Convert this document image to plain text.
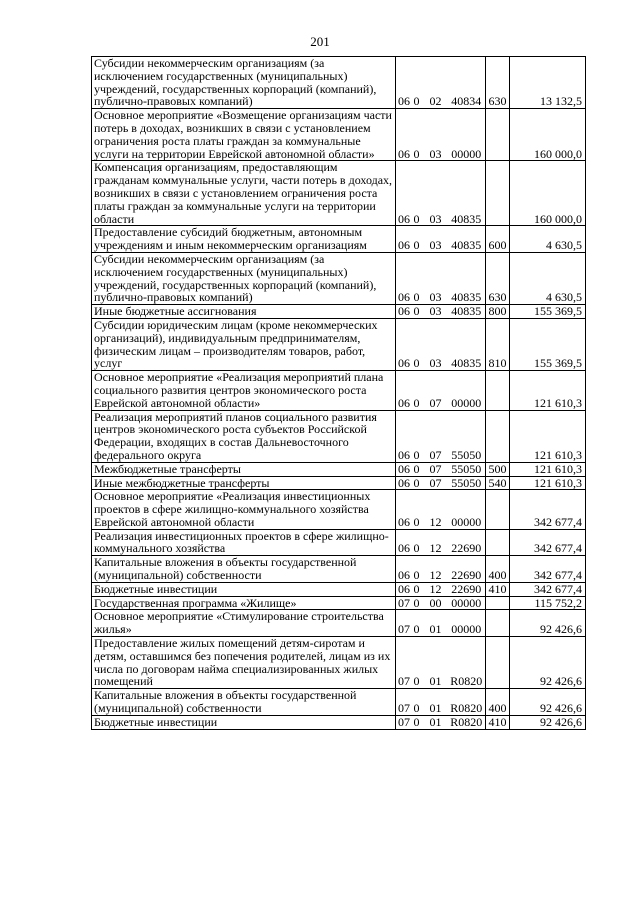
201
Субсидии некоммерческим организациям (за исключением государственных (муниципальных) учреждений, государственных корпораций (компаний), публично-правовых компаний)	06	0	02	40834	630	13 132,5
Основное мероприятие «Возмещение организациям части потерь в доходах, возникших в связи с установлением ограничения роста платы граждан за коммунальные услуги на территории Еврейской автономной области»	06	0	03	00000		160 000,0
Компенсация организациям, предоставляющим гражданам коммунальные услуги, части потерь в доходах, возникших в связи с установлением ограничения роста платы граждан за коммунальные услуги на территории области	06	0	03	40835		160 000,0
Предоставление субсидий бюджетным, автономным учреждениям и иным некоммерческим организациям	06	0	03	40835	600	4 630,5
Субсидии некоммерческим организациям (за исключением государственных (муниципальных) учреждений, государственных корпораций (компаний), публично-правовых компаний)	06	0	03	40835	630	4 630,5
Иные бюджетные ассигнования	06	0	03	40835	800	155 369,5
Субсидии юридическим лицам (кроме некоммерческих организаций), индивидуальным предпринимателям, физическим лицам – производителям товаров, работ, услуг	06	0	03	40835	810	155 369,5
Основное мероприятие «Реализация мероприятий плана социального развития центров экономического роста Еврейской автономной области»	06	0	07	00000		121 610,3
Реализация мероприятий планов социального развития центров экономического роста субъектов Российской Федерации, входящих в состав Дальневосточного федерального округа	06	0	07	55050		121 610,3
Межбюджетные трансферты	06	0	07	55050	500	121 610,3
Иные межбюджетные трансферты	06	0	07	55050	540	121 610,3
Основное мероприятие «Реализация инвестиционных проектов в сфере жилищно-коммунального хозяйства Еврейской автономной области	06	0	12	00000		342 677,4
Реализация инвестиционных проектов в сфере жилищно-коммунального хозяйства	06	0	12	22690		342 677,4
Капитальные вложения в объекты государственной (муниципальной) собственности	06	0	12	22690	400	342 677,4
Бюджетные инвестиции	06	0	12	22690	410	342 677,4
Государственная программа «Жилище»	07	0	00	00000		115 752,2
Основное мероприятие «Стимулирование строительства жилья»	07	0	01	00000		92 426,6
Предоставление жилых помещений детям-сиротам и детям, оставшимся без попечения родителей, лицам из их числа по договорам найма специализированных жилых помещений	07	0	01	R0820		92 426,6
Капитальные вложения в объекты государственной (муниципальной) собственности	07	0	01	R0820	400	92 426,6
Бюджетные инвестиции	07	0	01	R0820	410	92 426,6
